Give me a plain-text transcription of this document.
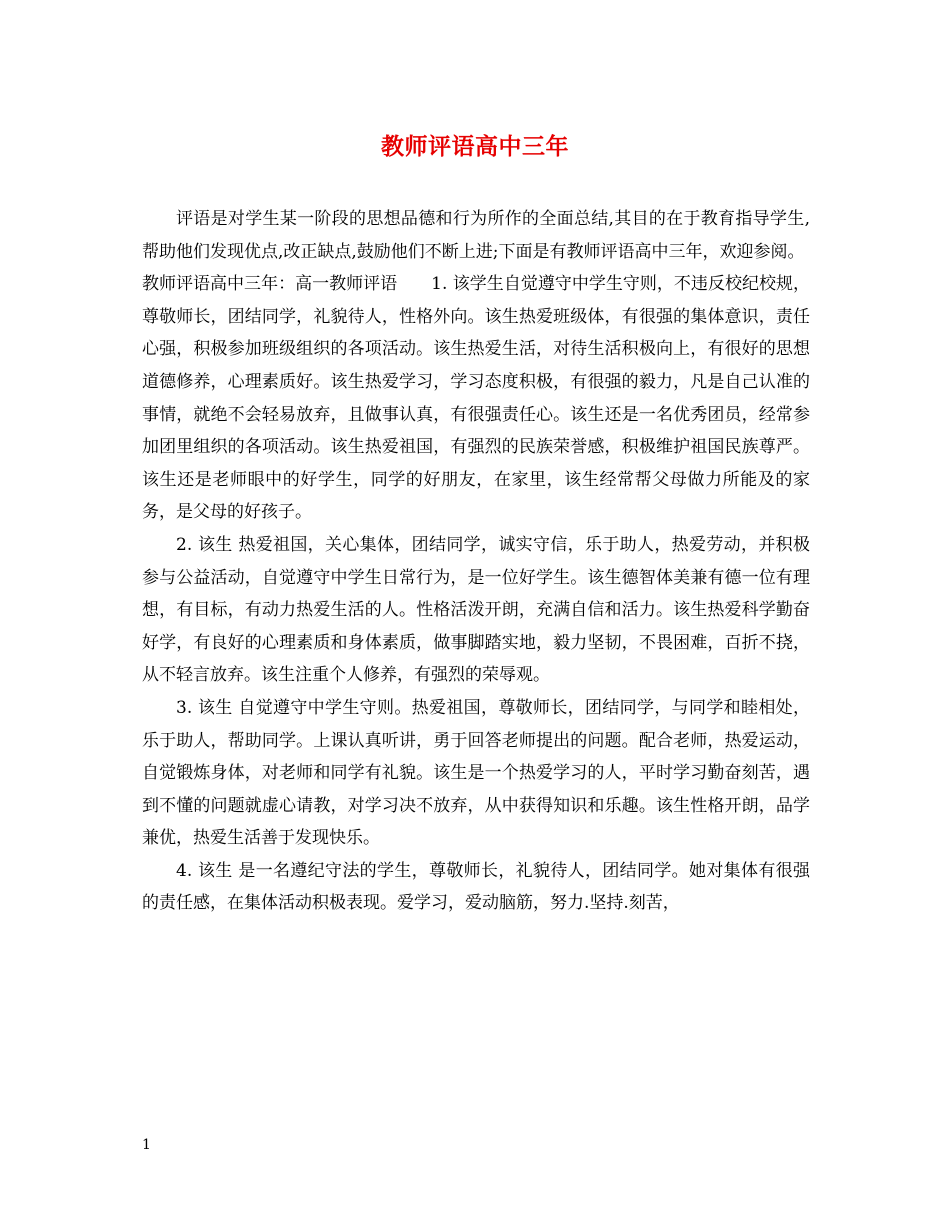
教师评语高中三年

评语是对学生某一阶段的思想品德和行为所作的全面总结,其目的在于教育指导学生,帮助他们发现优点,改正缺点,鼓励他们不断上进;下面是有教师评语高中三年，欢迎参阅。

教师评语高中三年：高一教师评语 1. 该学生自觉遵守中学生守则，不违反校纪校规，尊敬师长，团结同学，礼貌待人，性格外向。该生热爱班级体，有很强的集体意识，责任心强，积极参加班级组织的各项活动。该生热爱生活，对待生活积极向上，有很好的思想道德修养，心理素质好。该生热爱学习，学习态度积极，有很强的毅力，凡是自己认准的事情，就绝不会轻易放弃，且做事认真，有很强责任心。该生还是一名优秀团员，经常参加团里组织的各项活动。该生热爱祖国，有强烈的民族荣誉感，积极维护祖国民族尊严。该生还是老师眼中的好学生，同学的好朋友，在家里，该生经常帮父母做力所能及的家务，是父母的好孩子。

2. 该生 热爱祖国，关心集体，团结同学，诚实守信，乐于助人，热爱劳动，并积极参与公益活动，自觉遵守中学生日常行为，是一位好学生。该生德智体美兼有德一位有理想，有目标，有动力热爱生活的人。性格活泼开朗，充满自信和活力。该生热爱科学勤奋好学，有良好的心理素质和身体素质，做事脚踏实地，毅力坚韧，不畏困难，百折不挠，从不轻言放弃。该生注重个人修养，有强烈的荣辱观。

3. 该生 自觉遵守中学生守则。热爱祖国，尊敬师长，团结同学，与同学和睦相处，乐于助人，帮助同学。上课认真听讲，勇于回答老师提出的问题。配合老师，热爱运动，自觉锻炼身体，对老师和同学有礼貌。该生是一个热爱学习的人，平时学习勤奋刻苦，遇到不懂的问题就虚心请教，对学习决不放弃，从中获得知识和乐趣。该生性格开朗，品学兼优，热爱生活善于发现快乐。

4. 该生 是一名遵纪守法的学生，尊敬师长，礼貌待人，团结同学。她对集体有很强的责任感，在集体活动积极表现。爱学习，爱动脑筋，努力.坚持.刻苦，

1
